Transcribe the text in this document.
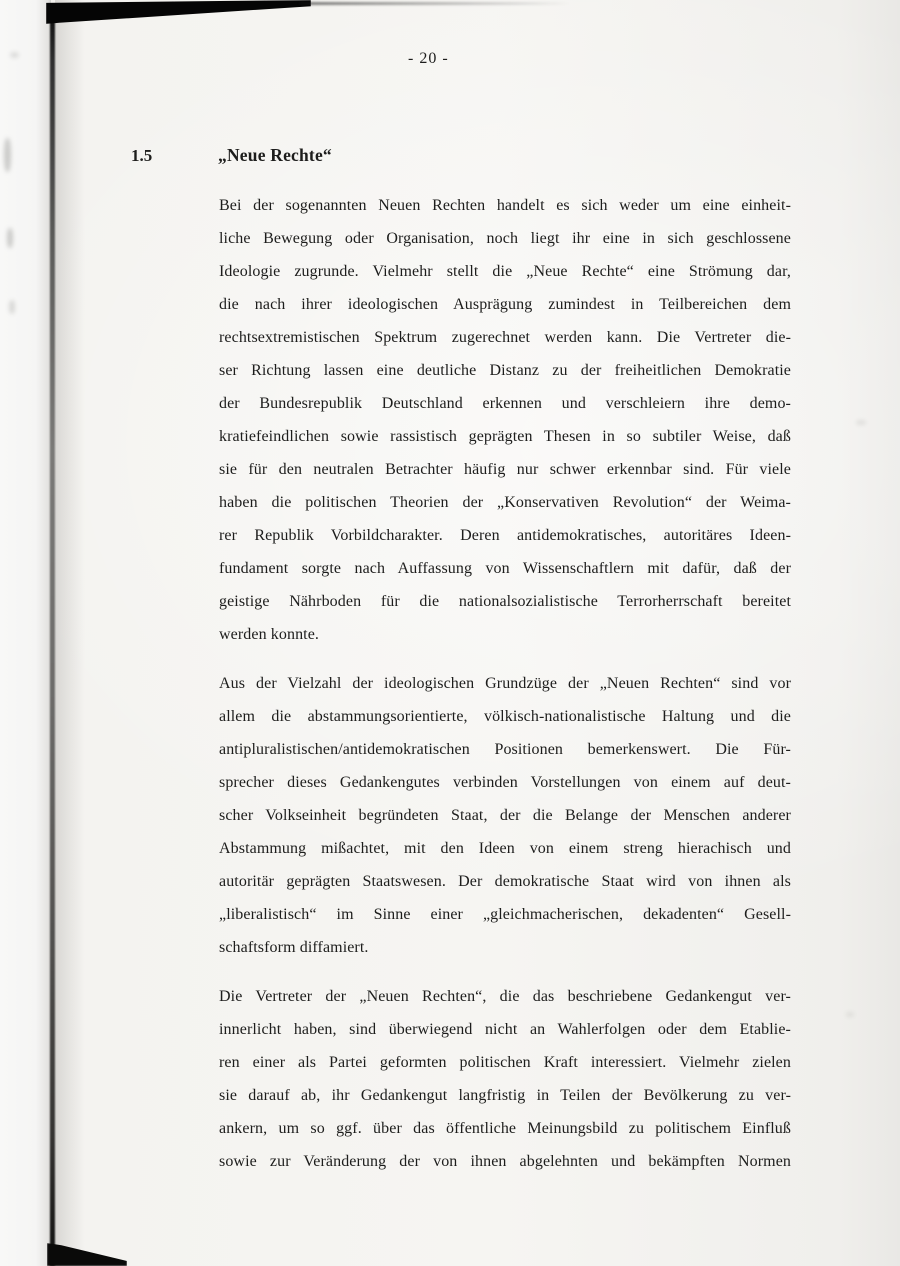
- 20 -
1.5	„Neue Rechte“
Bei der sogenannten Neuen Rechten handelt es sich weder um eine einheit-
liche Bewegung oder Organisation, noch liegt ihr eine in sich geschlossene
Ideologie zugrunde. Vielmehr stellt die „Neue Rechte“ eine Strömung dar,
die nach ihrer ideologischen Ausprägung zumindest in Teilbereichen dem
rechtsextremistischen Spektrum zugerechnet werden kann. Die Vertreter die-
ser Richtung lassen eine deutliche Distanz zu der freiheitlichen Demokratie
der Bundesrepublik Deutschland erkennen und verschleiern ihre demo-
kratiefeindlichen sowie rassistisch geprägten Thesen in so subtiler Weise, daß
sie für den neutralen Betrachter häufig nur schwer erkennbar sind. Für viele
haben die politischen Theorien der „Konservativen Revolution“ der Weima-
rer Republik Vorbildcharakter. Deren antidemokratisches, autoritäres Ideen-
fundament sorgte nach Auffassung von Wissenschaftlern mit dafür, daß der
geistige Nährboden für die nationalsozialistische Terrorherrschaft bereitet
werden konnte.
Aus der Vielzahl der ideologischen Grundzüge der „Neuen Rechten“ sind vor
allem die abstammungsorientierte, völkisch-nationalistische Haltung und die
antipluralistischen/antidemokratischen Positionen bemerkenswert. Die Für-
sprecher dieses Gedankengutes verbinden Vorstellungen von einem auf deut-
scher Volkseinheit begründeten Staat, der die Belange der Menschen anderer
Abstammung mißachtet, mit den Ideen von einem streng hierachisch und
autoritär geprägten Staatswesen. Der demokratische Staat wird von ihnen als
„liberalistisch“ im Sinne einer „gleichmacherischen, dekadenten“ Gesell-
schaftsform diffamiert.
Die Vertreter der „Neuen Rechten“, die das beschriebene Gedankengut ver-
innerlicht haben, sind überwiegend nicht an Wahlerfolgen oder dem Etablie-
ren einer als Partei geformten politischen Kraft interessiert. Vielmehr zielen
sie darauf ab, ihr Gedankengut langfristig in Teilen der Bevölkerung zu ver-
ankern, um so ggf. über das öffentliche Meinungsbild zu politischem Einfluß
sowie zur Veränderung der von ihnen abgelehnten und bekämpften Normen
